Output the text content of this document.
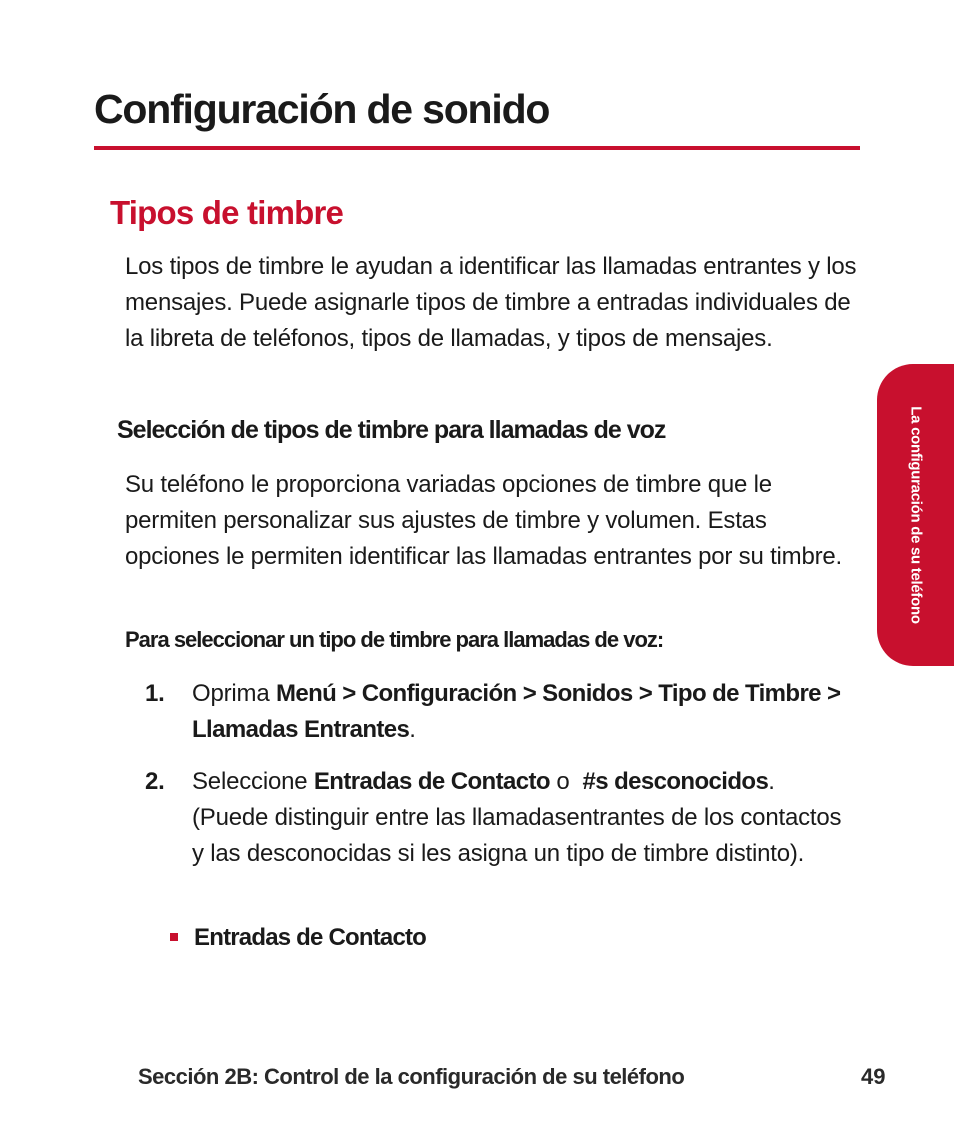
Configuración de sonido
Tipos de timbre

Los tipos de timbre le ayudan a identificar las llamadas entrantes y los mensajes. Puede asignarle tipos de timbre a entradas individuales de la libreta de teléfonos, tipos de llamadas, y tipos de mensajes.

Selección de tipos de timbre para llamadas de voz

Su teléfono le proporciona variadas opciones de timbre que le permiten personalizar sus ajustes de timbre y volumen. Estas opciones le permiten identificar las llamadas entrantes por su timbre.

Para seleccionar un tipo de timbre para llamadas de voz:
1. Oprima Menú > Configuración > Sonidos > Tipo de Timbre > Llamadas Entrantes.
2. Seleccione Entradas de Contacto o  #s desconocidos. (Puede distinguir entre las llamadasentrantes de los contactos y las desconocidas si les asigna un tipo de timbre distinto).
Entradas de Contacto
La configuración de su teléfono
Sección 2B: Control de la configuración de su teléfono	49
